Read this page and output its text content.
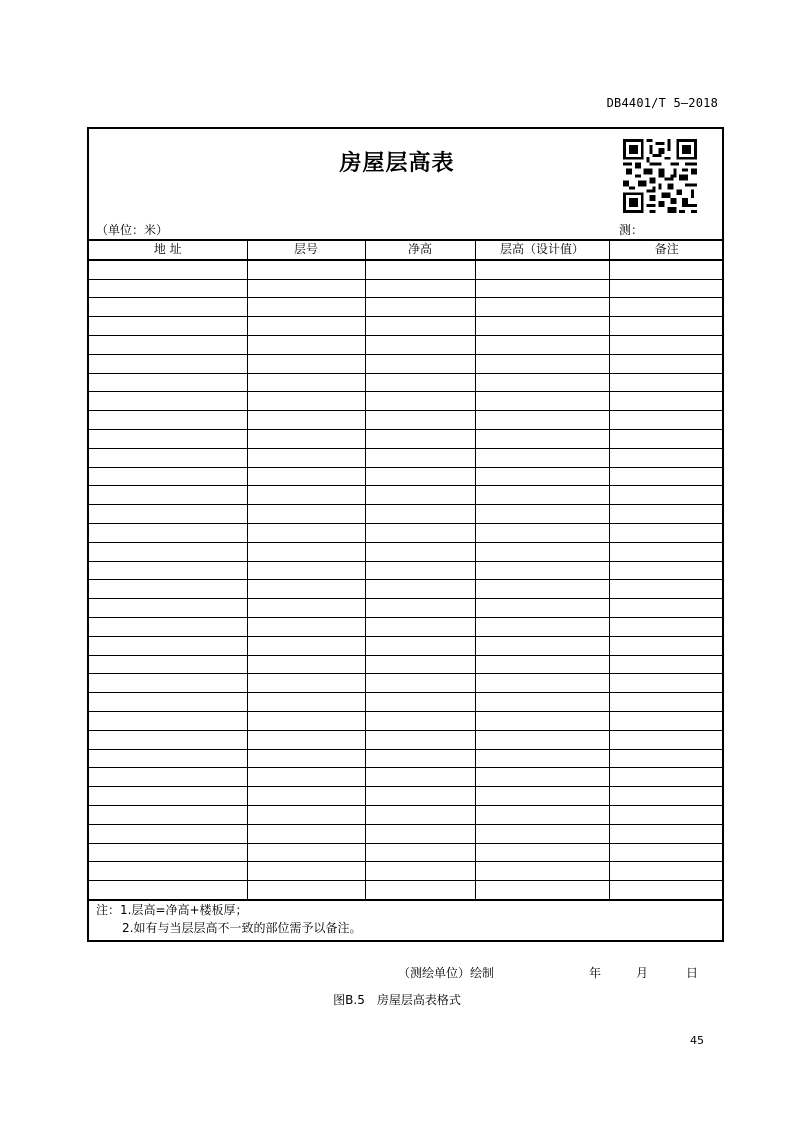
DB4401/T 5—2018
房屋层高表
（单位：米）	测：
地 址	层号	净高	层高（设计值）	备注

注：1.层高=净高+楼板厚；
2.如有与当层层高不一致的部位需予以备注。
（测绘单位）绘制	年	月	日
图B.5　房屋层高表格式
45
